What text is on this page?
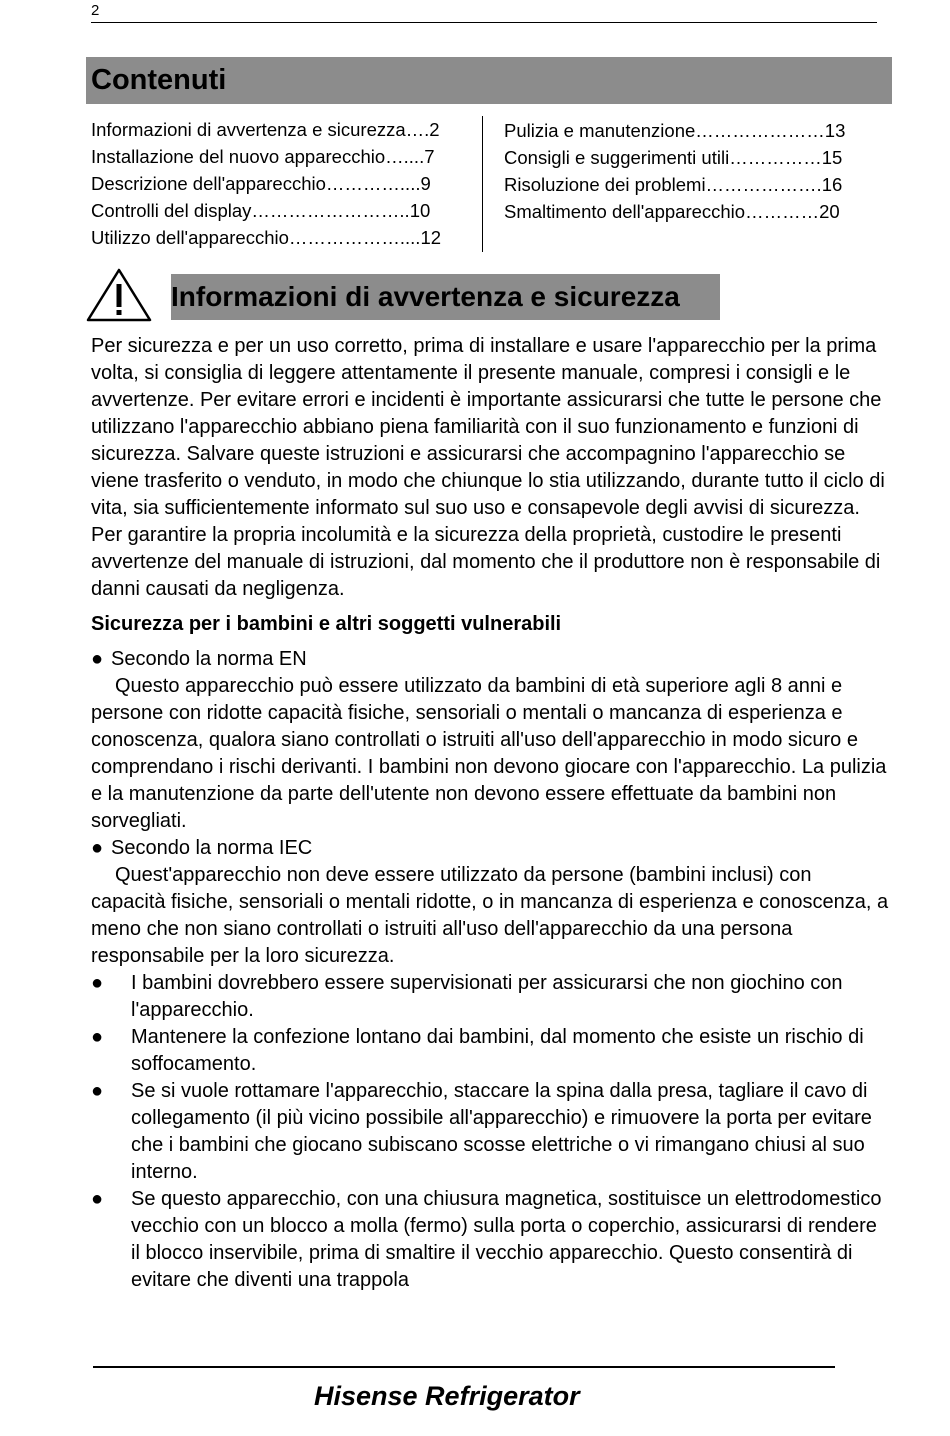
2
Contenuti
Informazioni di avvertenza e sicurezza….2
Installazione del nuovo apparecchio…....7
Descrizione dell'apparecchio…………....9
Controlli del display……………………..10
Utilizzo dell'apparecchio………………....12
Pulizia e manutenzione…………………13
Consigli e suggerimenti utili……………15
Risoluzione dei problemi……………….16
Smaltimento dell'apparecchio…………20
Informazioni di avvertenza e sicurezza

Per sicurezza e per un uso corretto, prima di installare e usare l'apparecchio per la prima volta, si consiglia di leggere attentamente il presente manuale, compresi i consigli e le avvertenze. Per evitare errori e incidenti è importante assicurarsi che tutte le persone che utilizzano l'apparecchio abbiano piena familiarità con il suo funzionamento e funzioni di sicurezza. Salvare queste istruzioni e assicurarsi che accompagnino l'apparecchio se viene trasferito o venduto, in modo che chiunque lo stia utilizzando, durante tutto il ciclo di vita, sia sufficientemente informato sul suo uso e consapevole degli avvisi di sicurezza.

Per garantire la propria incolumità e la sicurezza della proprietà, custodire le presenti avvertenze del manuale di istruzioni, dal momento che il produttore non è responsabile di danni causati da negligenza.

Sicurezza per i bambini e altri soggetti vulnerabili

● Secondo la norma EN

Questo apparecchio può essere utilizzato da bambini di età superiore agli 8 anni e persone con ridotte capacità fisiche, sensoriali o mentali o mancanza di esperienza e conoscenza, qualora siano controllati o istruiti all'uso dell'apparecchio in modo sicuro e comprendano i rischi derivanti. I bambini non devono giocare con l'apparecchio. La pulizia e la manutenzione da parte dell'utente non devono essere effettuate da bambini non sorvegliati.

● Secondo la norma IEC

Quest'apparecchio non deve essere utilizzato da persone (bambini inclusi) con capacità fisiche, sensoriali o mentali ridotte, o in mancanza di esperienza e conoscenza, a meno che non siano controllati o istruiti all'uso dell'apparecchio da una persona responsabile per la loro sicurezza.

● I bambini dovrebbero essere supervisionati per assicurarsi che non giochino con l'apparecchio.
● Mantenere la confezione lontano dai bambini, dal momento che esiste un rischio di soffocamento.
● Se si vuole rottamare l'apparecchio, staccare la spina dalla presa, tagliare il cavo di collegamento (il più vicino possibile all'apparecchio) e rimuovere la porta per evitare che i bambini che giocano subiscano scosse elettriche o vi rimangano chiusi al suo interno.
● Se questo apparecchio, con una chiusura magnetica, sostituisce un elettrodomestico vecchio con un blocco a molla (fermo) sulla porta o coperchio, assicurarsi di rendere il blocco inservibile, prima di smaltire il vecchio apparecchio. Questo consentirà di evitare che diventi una trappola
Hisense Refrigerator
